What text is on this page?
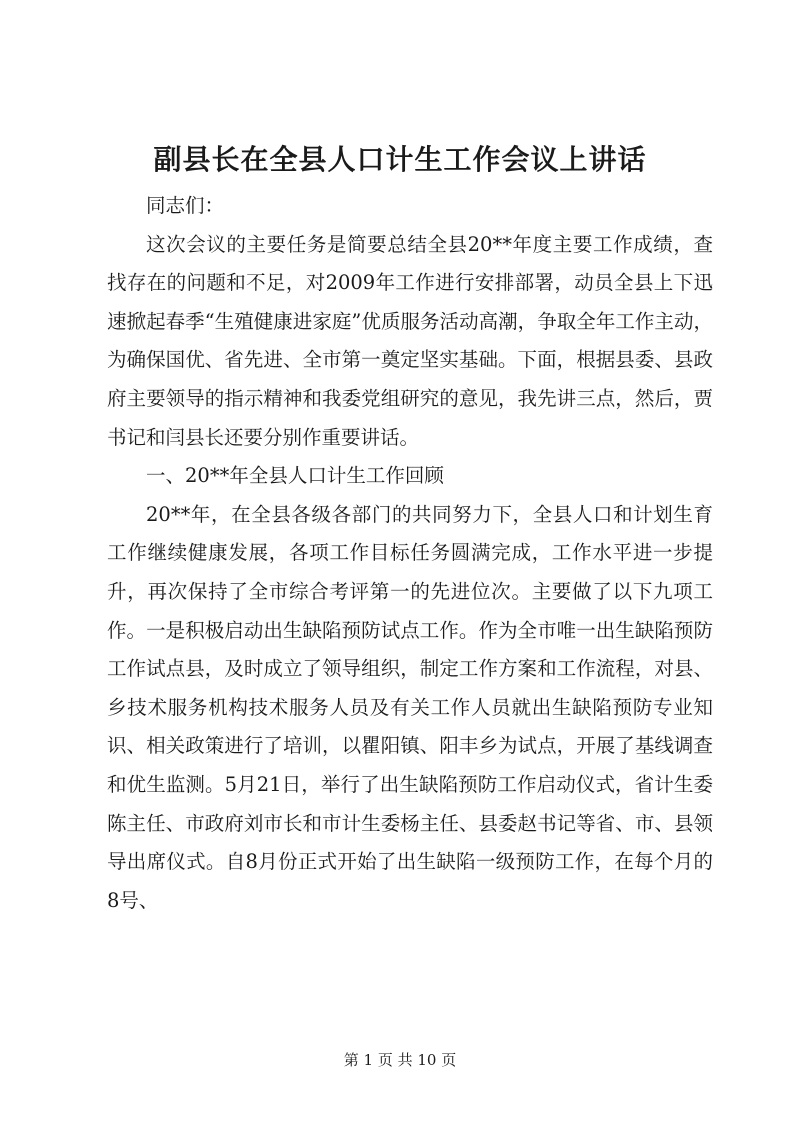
副县长在全县人口计生工作会议上讲话

同志们：

这次会议的主要任务是简要总结全县20**年度主要工作成绩，查找存在的问题和不足，对2009年工作进行安排部署，动员全县上下迅速掀起春季“生殖健康进家庭”优质服务活动高潮，争取全年工作主动，为确保国优、省先进、全市第一奠定坚实基础。下面，根据县委、县政府主要领导的指示精神和我委党组研究的意见，我先讲三点，然后，贾书记和闫县长还要分别作重要讲话。

一、20**年全县人口计生工作回顾

20**年，在全县各级各部门的共同努力下，全县人口和计划生育工作继续健康发展，各项工作目标任务圆满完成，工作水平进一步提升，再次保持了全市综合考评第一的先进位次。主要做了以下九项工作。一是积极启动出生缺陷预防试点工作。作为全市唯一出生缺陷预防工作试点县，及时成立了领导组织，制定工作方案和工作流程，对县、乡技术服务机构技术服务人员及有关工作人员就出生缺陷预防专业知识、相关政策进行了培训，以瞿阳镇、阳丰乡为试点，开展了基线调查和优生监测。5月21日，举行了出生缺陷预防工作启动仪式，省计生委陈主任、市政府刘市长和市计生委杨主任、县委赵书记等省、市、县领导出席仪式。自8月份正式开始了出生缺陷一级预防工作，在每个月的8号、

第 1 页 共 10 页
